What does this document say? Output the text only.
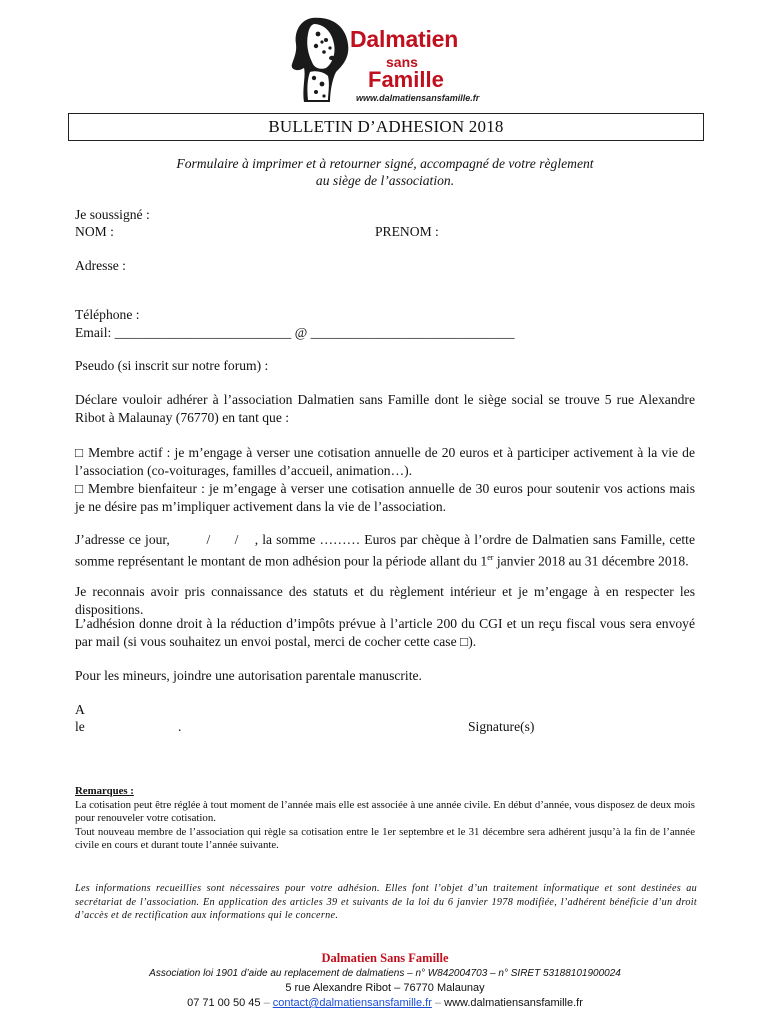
Dalmatien
sans
Famille
www.dalmatiensansfamille.fr
BULLETIN D’ADHESION 2018
Formulaire à imprimer et à retourner signé, accompagné de votre règlement
au siège de l’association.
Je soussigné :
NOM :	PRENOM :
Adresse :
Téléphone :
Email: __________________________ @ ______________________________
Pseudo (si inscrit sur notre forum) :
Déclare vouloir adhérer à l’association Dalmatien sans Famille dont le siège social se trouve 5 rue Alexandre Ribot à Malaunay (76770) en tant que :
□ Membre actif : je m’engage à verser une cotisation annuelle de 20 euros et à participer activement à la vie de l’association (co-voiturages, familles d’accueil, animation…).
□ Membre bienfaiteur : je m’engage à verser une cotisation annuelle de 30 euros pour soutenir vos actions mais je ne désire pas m’impliquer activement dans la vie de l’association.
J’adresse ce jour,         /      /    , la somme ……… Euros par chèque à l’ordre de Dalmatien sans Famille, cette somme représentant le montant de mon adhésion pour la période allant du 1er janvier 2018 au 31 décembre 2018.
Je reconnais avoir pris connaissance des statuts et du règlement intérieur et je m’engage à en respecter les dispositions.
L’adhésion donne droit à la réduction d’impôts prévue à l’article 200 du CGI et un reçu fiscal vous sera envoyé par mail (si vous souhaitez un envoi postal, merci de cocher cette case □).
Pour les mineurs, joindre une autorisation parentale manuscrite.
A
le	.	Signature(s)
Remarques :
La cotisation peut être réglée à tout moment de l’année mais elle est associée à une année civile. En début d’année, vous disposez de deux mois pour renouveler votre cotisation.
Tout nouveau membre de l’association qui règle sa cotisation entre le 1er septembre et le 31 décembre sera adhérent jusqu’à la fin de l’année civile en cours et durant toute l’année suivante.
Les informations recueillies sont nécessaires pour votre adhésion. Elles font l’objet d’un traitement informatique et sont destinées au secrétariat de l’association. En application des articles 39 et suivants de la loi du 6 janvier 1978 modifiée, l’adhérent bénéficie d’un droit d’accès et de rectification aux informations qui le concerne.
Dalmatien Sans Famille
Association loi 1901 d’aide au replacement de dalmatiens – n° W842004703 – n° SIRET 53188101900024
5 rue Alexandre Ribot – 76770 Malaunay
07 71 00 50 45 – contact@dalmatiensansfamille.fr – www.dalmatiensansfamille.fr
